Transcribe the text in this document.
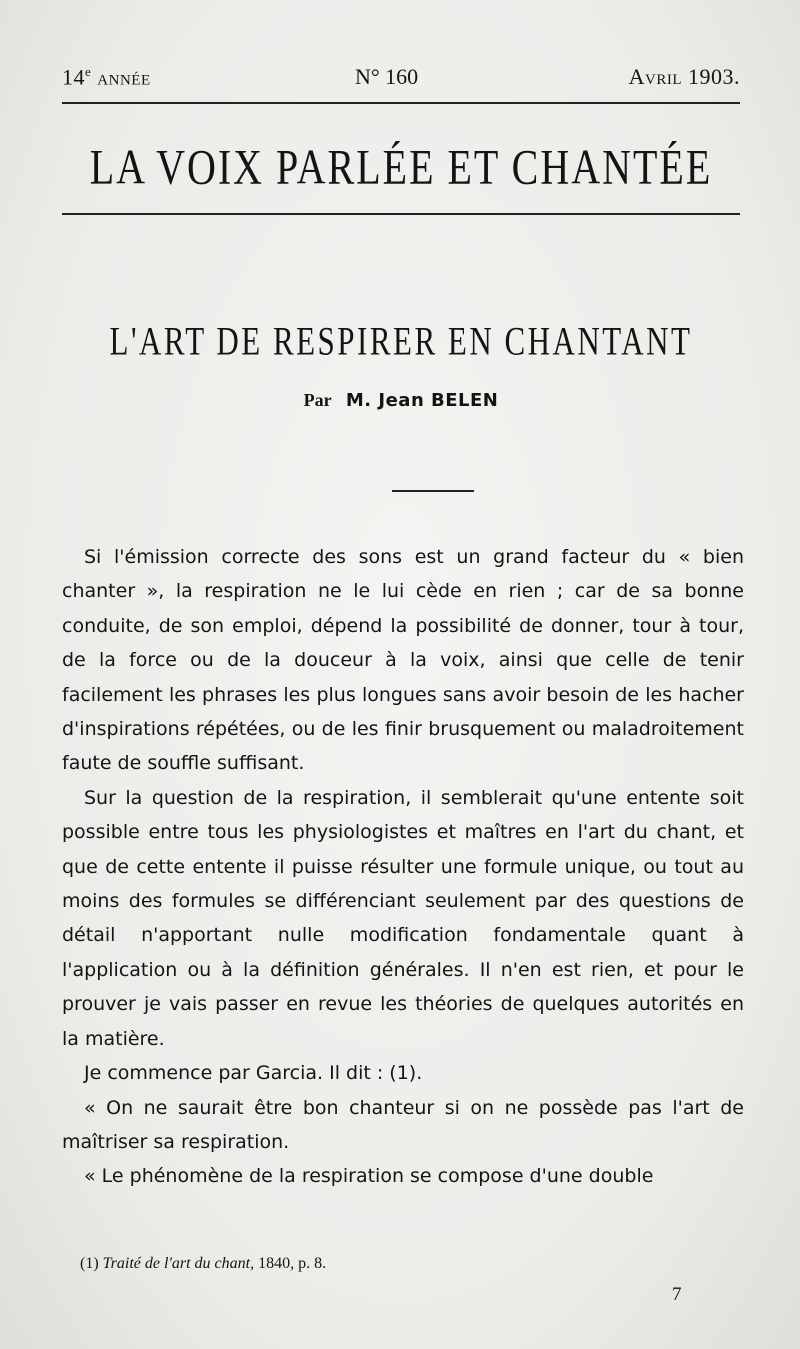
14e ANNÉE	N° 160	Avril 1903.
LA VOIX PARLÉE ET CHANTÉE
L'ART DE RESPIRER EN CHANTANT
Par M. Jean BELEN

Si l'émission correcte des sons est un grand facteur du « bien chanter », la respiration ne le lui cède en rien ; car de sa bonne conduite, de son emploi, dépend la possibilité de donner, tour à tour, de la force ou de la douceur à la voix, ainsi que celle de tenir facilement les phrases les plus longues sans avoir besoin de les hacher d'inspirations répétées, ou de les finir brusquement ou maladroitement faute de souffle suffisant.

Sur la question de la respiration, il semblerait qu'une entente soit possible entre tous les physiologistes et maîtres en l'art du chant, et que de cette entente il puisse résulter une formule unique, ou tout au moins des formules se différenciant seulement par des questions de détail n'apportant nulle modification fondamentale quant à l'application ou à la définition générales. Il n'en est rien, et pour le prouver je vais passer en revue les théories de quelques autorités en la matière.

Je commence par Garcia. Il dit : (1).

« On ne saurait être bon chanteur si on ne possède pas l'art de maîtriser sa respiration.

« Le phénomène de la respiration se compose d'une double

(1) Traité de l'art du chant, 1840, p. 8.
7
